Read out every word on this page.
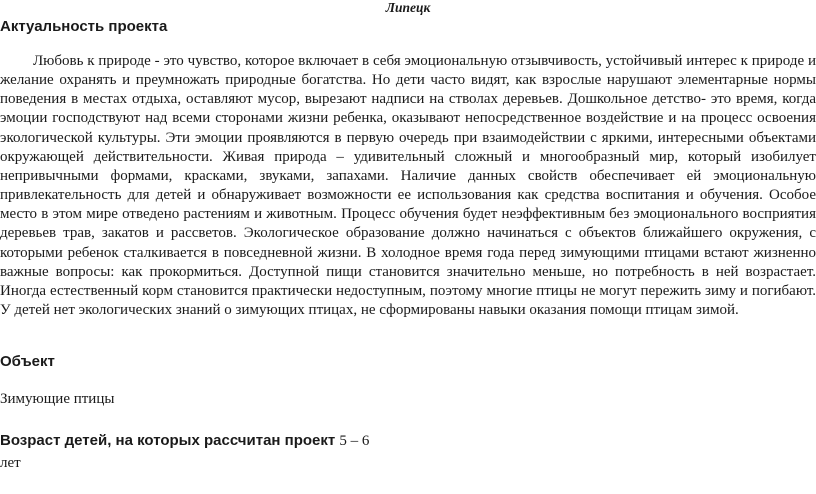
Липецк
Актуальность проекта

Любовь к природе - это чувство, которое включает в себя эмоциональную отзывчивость, устойчивый интерес к природе и желание охранять и преумножать природные богатства. Но дети часто видят, как взрослые нарушают элементарные нормы поведения в местах отдыха, оставляют мусор, вырезают надписи на стволах деревьев. Дошкольное детство- это время, когда эмоции господствуют над всеми сторонами жизни ребенка, оказывают непосредственное воздействие и на процесс освоения экологической культуры. Эти эмоции проявляются в первую очередь при взаимодействии с яркими, интересными объектами окружающей действительности. Живая природа – удивительный сложный и многообразный мир, который изобилует непривычными формами, красками, звуками, запахами. Наличие данных свойств обеспечивает ей эмоциональную привлекательность для детей и обнаруживает возможности ее использования как средства воспитания и обучения. Особое место в этом мире отведено растениям и животным. Процесс обучения будет неэффективным без эмоционального восприятия деревьев трав, закатов и рассветов. Экологическое образование должно начинаться с объектов ближайшего окружения, с которыми ребенок сталкивается в повседневной жизни. В холодное время года перед зимующими птицами встают жизненно важные вопросы: как прокормиться. Доступной пищи становится значительно меньше, но потребность в ней возрастает. Иногда естественный корм становится практически недоступным, поэтому многие птицы не могут пережить зиму и погибают. У детей нет экологических знаний о зимующих птицах, не сформированы навыки оказания помощи птицам зимой.

Объект
Зимующие птицы
Возраст детей, на которых рассчитан проект 5 – 6
лет
